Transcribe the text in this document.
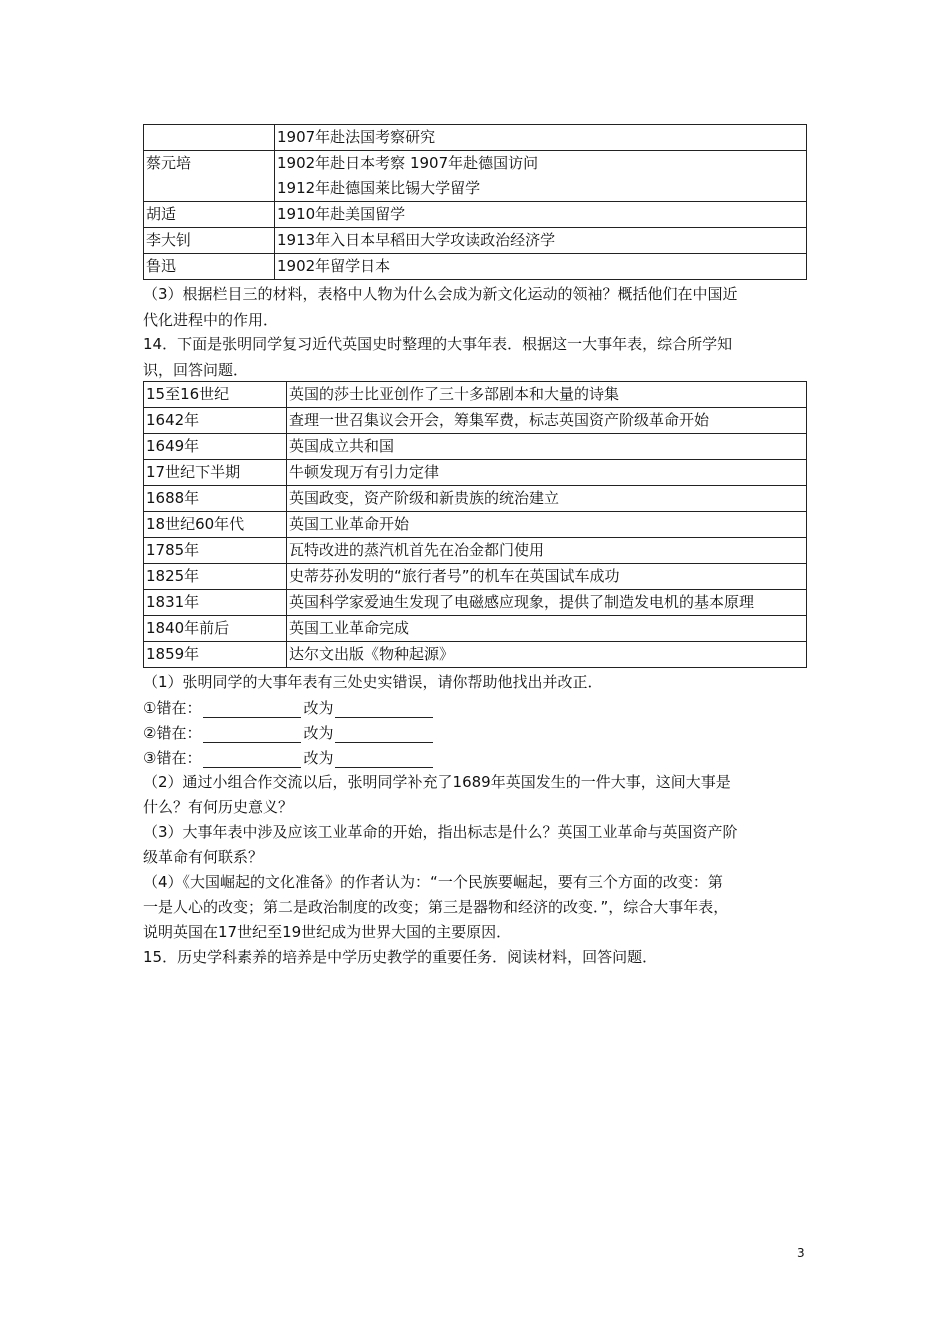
	1907年赴法国考察研究
蔡元培	1902年赴日本考察 1907年赴德国访问
1912年赴德国莱比锡大学留学

胡适	1910年赴美国留学
李大钊	1913年入日本早稻田大学攻读政治经济学
鲁迅	1902年留学日本
（3）根据栏目三的材料，表格中人物为什么会成为新文化运动的领袖？概括他们在中国近
代化进程中的作用．
14．下面是张明同学复习近代英国史时整理的大事年表．根据这一大事年表，综合所学知
识，回答问题．
15至16世纪	英国的莎士比亚创作了三十多部剧本和大量的诗集
1642年	查理一世召集议会开会，筹集军费，标志英国资产阶级革命开始
1649年	英国成立共和国
17世纪下半期	牛顿发现万有引力定律
1688年	英国政变，资产阶级和新贵族的统治建立
18世纪60年代	英国工业革命开始
1785年	瓦特改进的蒸汽机首先在冶金都门使用
1825年	史蒂芬孙发明的“旅行者号”的机车在英国试车成功
1831年	英国科学家爱迪生发现了电磁感应现象，提供了制造发电机的基本原理
1840年前后	英国工业革命完成
1859年	达尔文出版《物种起源》
（1）张明同学的大事年表有三处史实错误，请你帮助他找出并改正．
①错在：	改为
②错在：	改为
③错在：	改为
（2）通过小组合作交流以后，张明同学补充了1689年英国发生的一件大事，这间大事是
什么？有何历史意义？
（3）大事年表中涉及应该工业革命的开始，指出标志是什么？英国工业革命与英国资产阶
级革命有何联系？
（4）《大国崛起的文化准备》的作者认为：“一个民族要崛起，要有三个方面的改变：第
一是人心的改变；第二是政治制度的改变；第三是器物和经济的改变．”，综合大事年表，
说明英国在17世纪至19世纪成为世界大国的主要原因．
15．历史学科素养的培养是中学历史教学的重要任务．阅读材料，回答问题．
3
